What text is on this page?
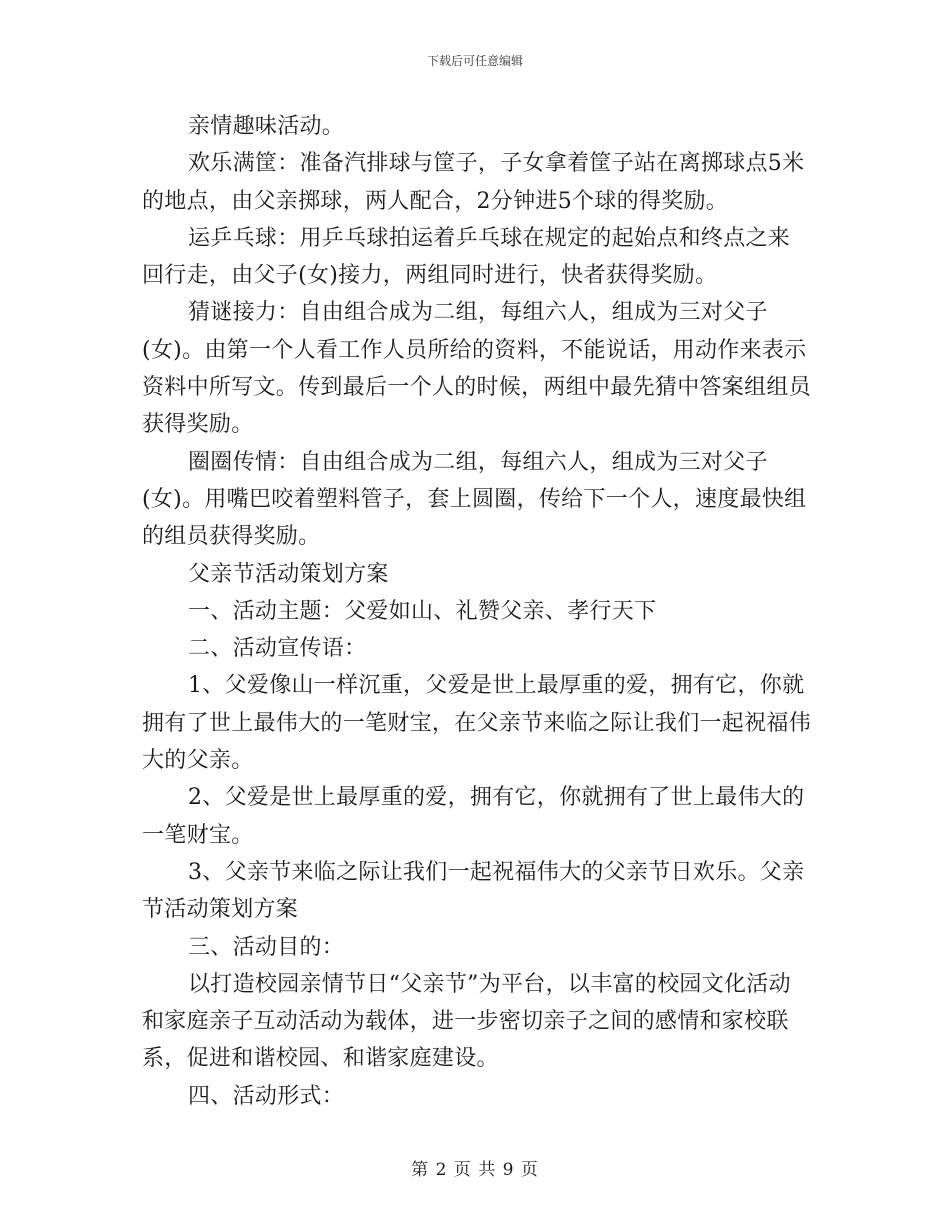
下载后可任意编辑

亲情趣味活动。

欢乐满筐：准备汽排球与筐子，子女拿着筐子站在离掷球点5米的地点，由父亲掷球，两人配合，2分钟进5个球的得奖励。

运乒乓球：用乒乓球拍运着乒乓球在规定的起始点和终点之来回行走，由父子(女)接力，两组同时进行，快者获得奖励。

猜谜接力：自由组合成为二组，每组六人，组成为三对父子(女)。由第一个人看工作人员所给的资料，不能说话，用动作来表示资料中所写文。传到最后一个人的时候，两组中最先猜中答案组组员获得奖励。

圈圈传情：自由组合成为二组，每组六人，组成为三对父子(女)。用嘴巴咬着塑料管子，套上圆圈，传给下一个人，速度最快组的组员获得奖励。

父亲节活动策划方案

一、活动主题：父爱如山、礼赞父亲、孝行天下

二、活动宣传语：

1、父爱像山一样沉重，父爱是世上最厚重的爱，拥有它，你就拥有了世上最伟大的一笔财宝，在父亲节来临之际让我们一起祝福伟大的父亲。

2、父爱是世上最厚重的爱，拥有它，你就拥有了世上最伟大的一笔财宝。

3、父亲节来临之际让我们一起祝福伟大的父亲节日欢乐。父亲节活动策划方案

三、活动目的：

以打造校园亲情节日“父亲节”为平台，以丰富的校园文化活动和家庭亲子互动活动为载体，进一步密切亲子之间的感情和家校联系，促进和谐校园、和谐家庭建设。

四、活动形式：

第 2 页 共 9 页
